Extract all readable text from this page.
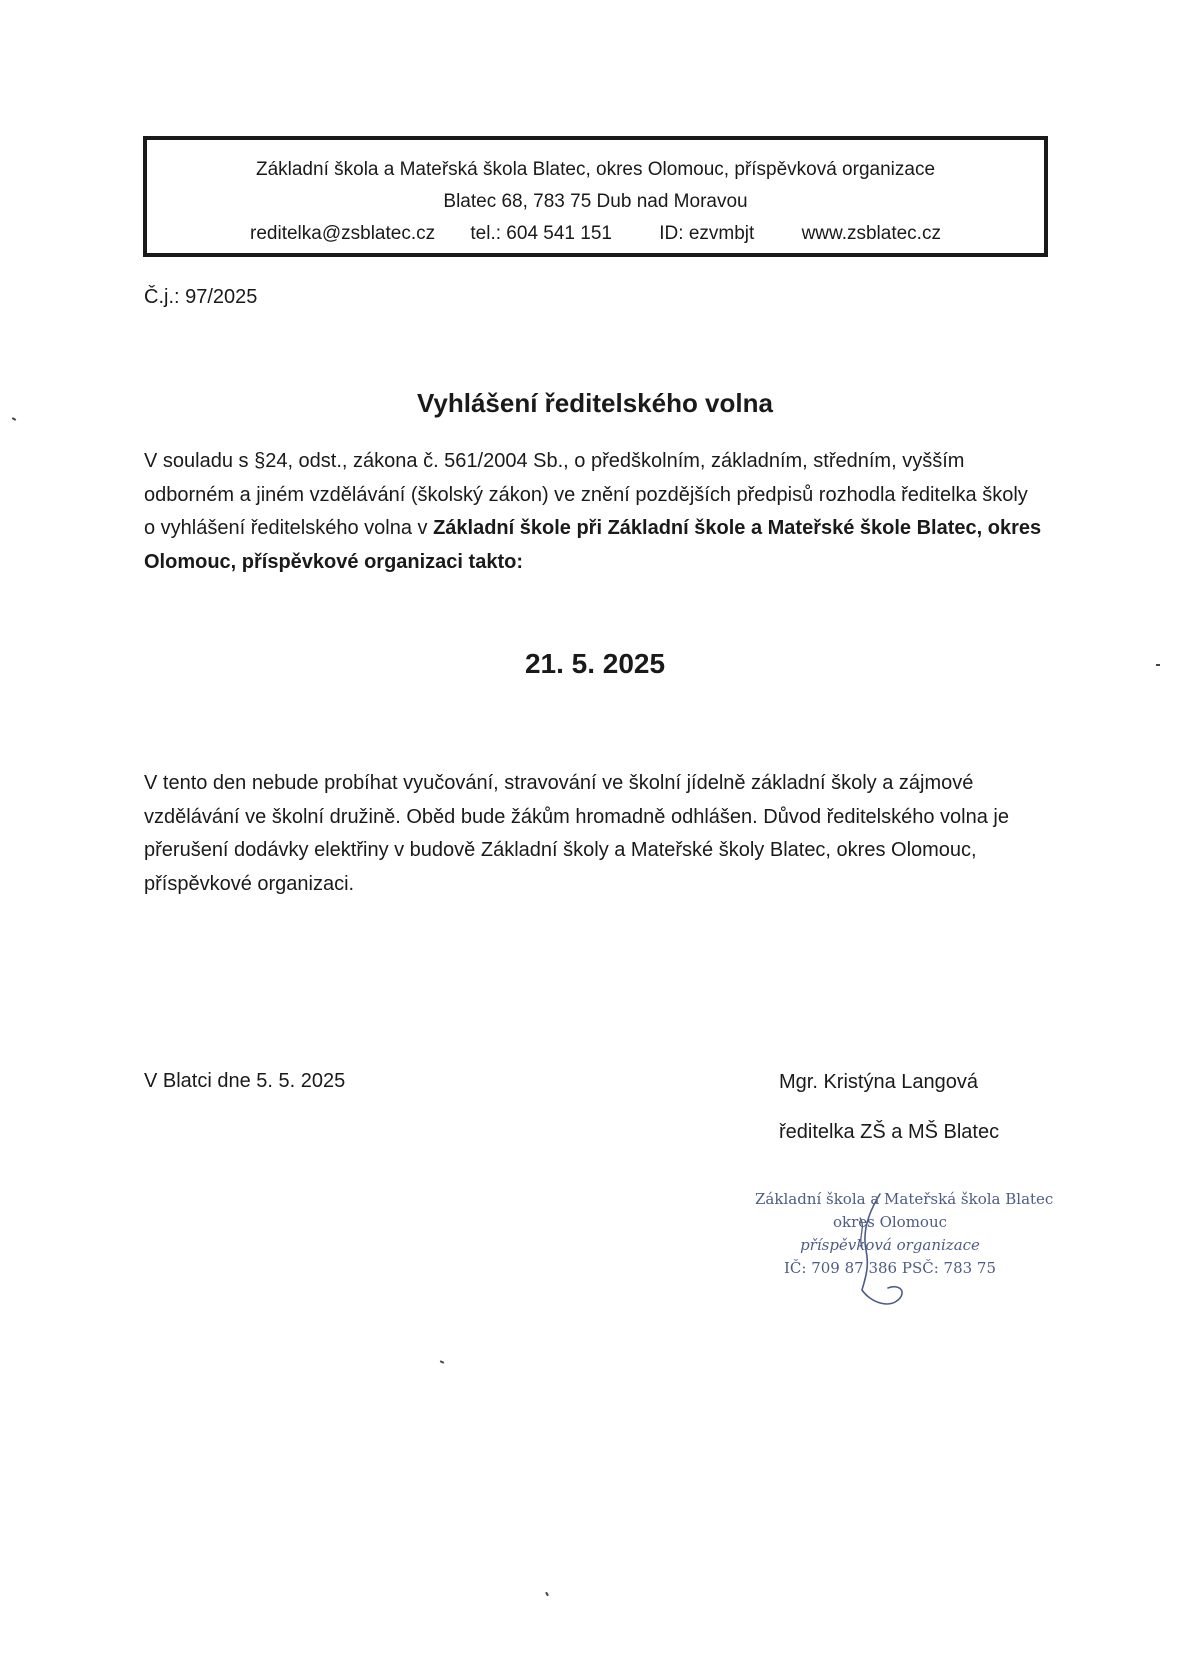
Základní škola a Mateřská škola Blatec, okres Olomouc, příspěvková organizace
Blatec 68, 783 75 Dub nad Moravou
reditelka@zsblatec.cz tel.: 604 541 151 ID: ezvmbjt www.zsblatec.cz
Č.j.: 97/2025
Vyhlášení ředitelského volna
V souladu s §24, odst., zákona č. 561/2004 Sb., o předškolním, základním, středním, vyšším odborném a jiném vzdělávání (školský zákon) ve znění pozdějších předpisů rozhodla ředitelka školy o vyhlášení ředitelského volna v Základní škole při Základní škole a Mateřské škole Blatec, okres Olomouc, příspěvkové organizaci takto:
21. 5. 2025
V tento den nebude probíhat vyučování, stravování ve školní jídelně základní školy a zájmové vzdělávání ve školní družině. Oběd bude žákům hromadně odhlášen. Důvod ředitelského volna je přerušení dodávky elektřiny v budově Základní školy a Mateřské školy Blatec, okres Olomouc, příspěvkové organizaci.
V Blatci dne 5. 5. 2025	Mgr. Kristýna Langová
ředitelka ZŠ a MŠ Blatec
Základní škola a Mateřská škola Blatec
okres Olomouc
příspěvková organizace
IČ: 709 87 386 PSČ: 783 75
